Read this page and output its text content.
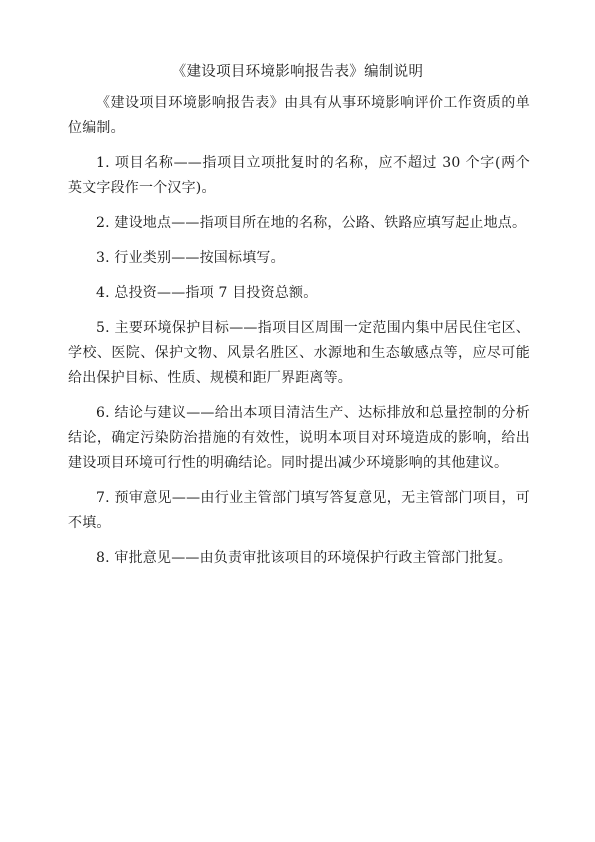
《建设项目环境影响报告表》编制说明

《建设项目环境影响报告表》由具有从事环境影响评价工作资质的单位编制。

1. 项目名称——指项目立项批复时的名称，应不超过 30 个字(两个英文字段作一个汉字)。

2. 建设地点——指项目所在地的名称，公路、铁路应填写起止地点。

3. 行业类别——按国标填写。

4. 总投资——指项 7 目投资总额。

5. 主要环境保护目标——指项目区周围一定范围内集中居民住宅区、学校、医院、保护文物、风景名胜区、水源地和生态敏感点等，应尽可能给出保护目标、性质、规模和距厂界距离等。

6. 结论与建议——给出本项目清洁生产、达标排放和总量控制的分析结论，确定污染防治措施的有效性，说明本项目对环境造成的影响，给出建设项目环境可行性的明确结论。同时提出减少环境影响的其他建议。

7. 预审意见——由行业主管部门填写答复意见，无主管部门项目，可不填。

8. 审批意见——由负责审批该项目的环境保护行政主管部门批复。
